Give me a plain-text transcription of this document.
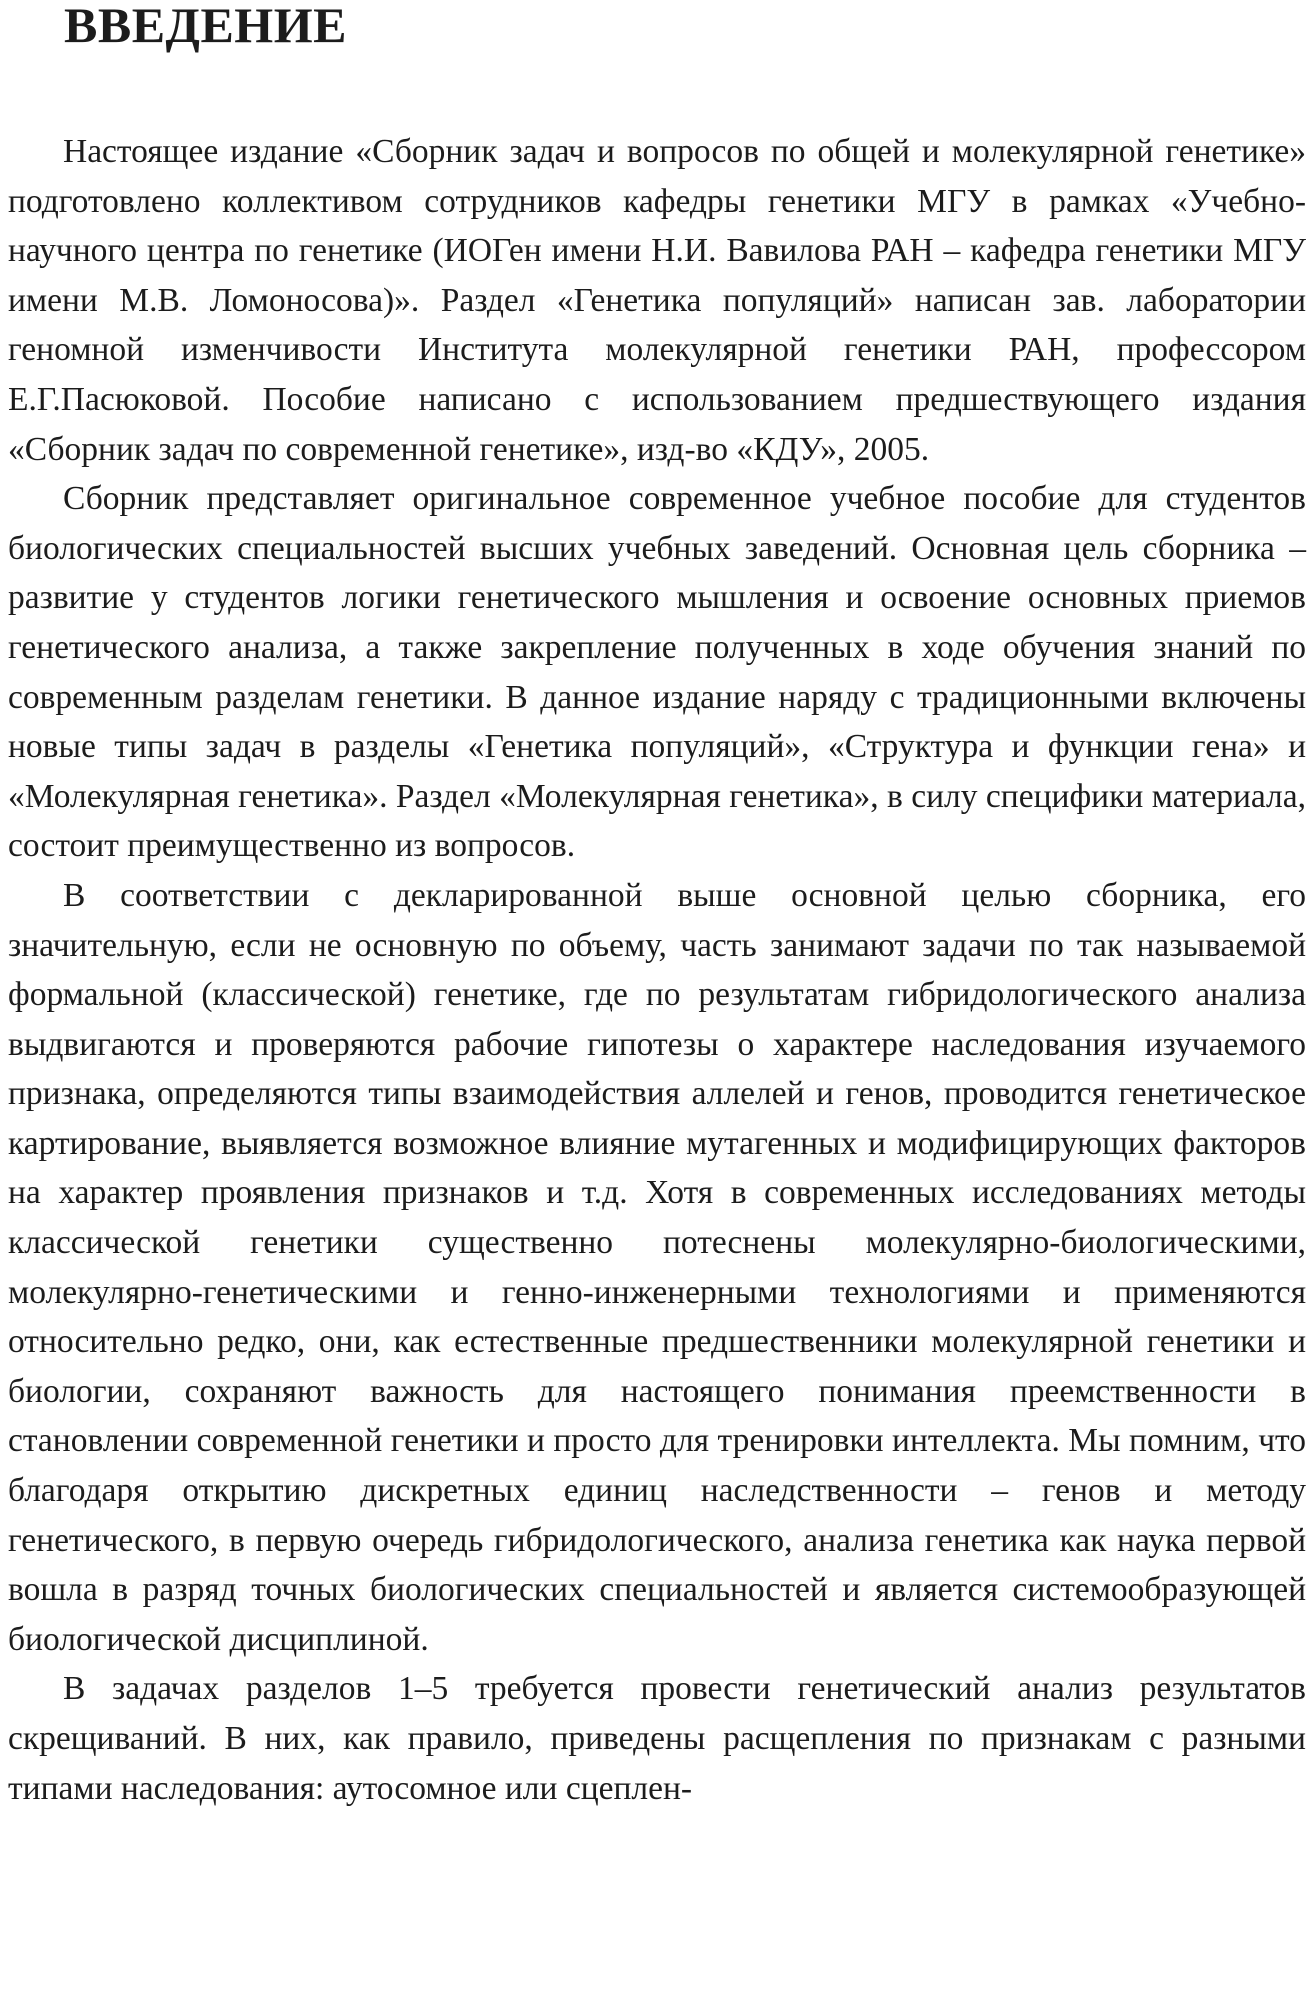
ВВЕДЕНИЕ

Настоящее издание «Сборник задач и вопросов по общей и молекулярной генетике» подготовлено коллективом сотрудников кафедры генетики МГУ в рамках «Учебно-научного центра по генетике (ИОГен имени Н.И. Вавилова РАН – кафедра генетики МГУ имени М.В. Ломоносова)». Раздел «Генетика популяций» написан зав. лаборатории геномной изменчивости Института молекулярной генетики РАН, профессором Е.Г.Пасюковой. Пособие написано с использованием предшествующего издания «Сборник задач по современной генетике», изд-во «КДУ», 2005.

Сборник представляет оригинальное современное учебное пособие для студентов биологических специальностей высших учебных заведений. Основная цель сборника – развитие у студентов логики генетического мышления и освоение основных приемов генетического анализа, а также закрепление полученных в ходе обучения знаний по современным разделам генетики. В данное издание наряду с традиционными включены новые типы задач в разделы «Генетика популяций», «Структура и функции гена» и «Молекулярная генетика». Раздел «Молекулярная генетика», в силу специфики материала, состоит преимущественно из вопросов.

В соответствии с декларированной выше основной целью сборника, его значительную, если не основную по объему, часть занимают задачи по так называемой формальной (классической) генетике, где по результатам гибридологического анализа выдвигаются и проверяются рабочие гипотезы о характере наследования изучаемого признака, определяются типы взаимодействия аллелей и генов, проводится генетическое картирование, выявляется возможное влияние мутагенных и модифицирующих факторов на характер проявления признаков и т.д. Хотя в современных исследованиях методы классической генетики существенно потеснены молекулярно-биологическими, молекулярно-генетическими и генно-инженерными технологиями и применяются относительно редко, они, как естественные предшественники молекулярной генетики и биологии, сохраняют важность для настоящего понимания преемственности в становлении современной генетики и просто для тренировки интеллекта. Мы помним, что благодаря открытию дискретных единиц наследственности – генов и методу генетического, в первую очередь гибридологического, анализа генетика как наука первой вошла в разряд точных биологических специальностей и является системообразующей биологической дисциплиной.

В задачах разделов 1–5 требуется провести генетический анализ результатов скрещиваний. В них, как правило, приведены расщепления по признакам с разными типами наследования: аутосомное или сцеплен-
